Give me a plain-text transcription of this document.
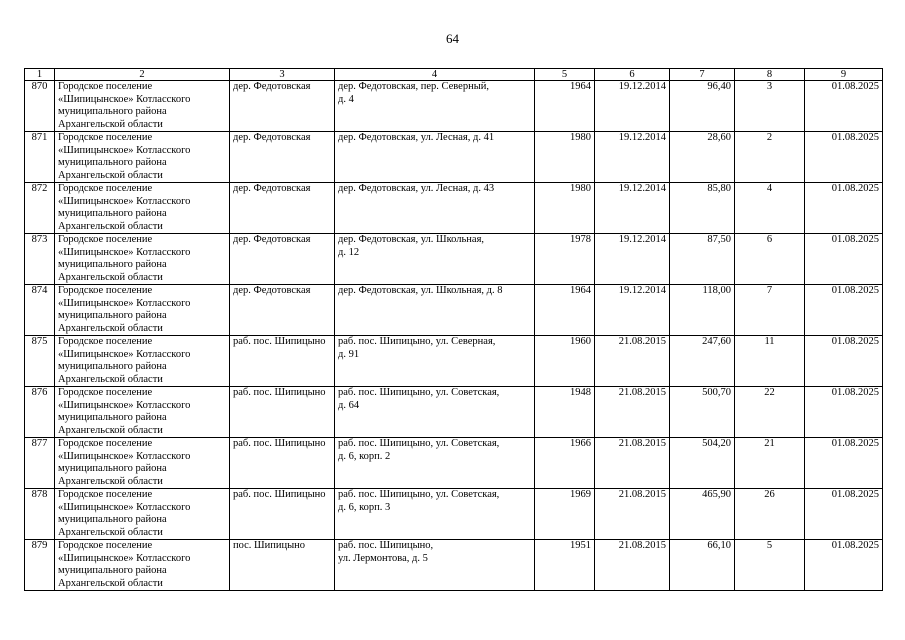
64
1	2	3	4	5	6	7	8	9
870	Городское поселение
«Шипицынское» Котласского
муниципального района
Архангельской области	дер. Федотовская	дер. Федотовская, пер. Северный,
д. 4	1964	19.12.2014	96,40	3	01.08.2025
871	Городское поселение
«Шипицынское» Котласского
муниципального района
Архангельской области	дер. Федотовская	дер. Федотовская, ул. Лесная, д. 41	1980	19.12.2014	28,60	2	01.08.2025
872	Городское поселение
«Шипицынское» Котласского
муниципального района
Архангельской области	дер. Федотовская	дер. Федотовская, ул. Лесная, д. 43	1980	19.12.2014	85,80	4	01.08.2025
873	Городское поселение
«Шипицынское» Котласского
муниципального района
Архангельской области	дер. Федотовская	дер. Федотовская, ул. Школьная,
д. 12	1978	19.12.2014	87,50	6	01.08.2025
874	Городское поселение
«Шипицынское» Котласского
муниципального района
Архангельской области	дер. Федотовская	дер. Федотовская, ул. Школьная, д. 8	1964	19.12.2014	118,00	7	01.08.2025
875	Городское поселение
«Шипицынское» Котласского
муниципального района
Архангельской области	раб. пос. Шипицыно	раб. пос. Шипицыно, ул. Северная,
д. 91	1960	21.08.2015	247,60	11	01.08.2025
876	Городское поселение
«Шипицынское» Котласского
муниципального района
Архангельской области	раб. пос. Шипицыно	раб. пос. Шипицыно, ул. Советская,
д. 64	1948	21.08.2015	500,70	22	01.08.2025
877	Городское поселение
«Шипицынское» Котласского
муниципального района
Архангельской области	раб. пос. Шипицыно	раб. пос. Шипицыно, ул. Советская,
д. 6, корп. 2	1966	21.08.2015	504,20	21	01.08.2025
878	Городское поселение
«Шипицынское» Котласского
муниципального района
Архангельской области	раб. пос. Шипицыно	раб. пос. Шипицыно, ул. Советская,
д. 6, корп. 3	1969	21.08.2015	465,90	26	01.08.2025
879	Городское поселение
«Шипицынское» Котласского
муниципального района
Архангельской области	пос. Шипицыно	раб. пос. Шипицыно,
ул. Лермонтова, д. 5	1951	21.08.2015	66,10	5	01.08.2025
